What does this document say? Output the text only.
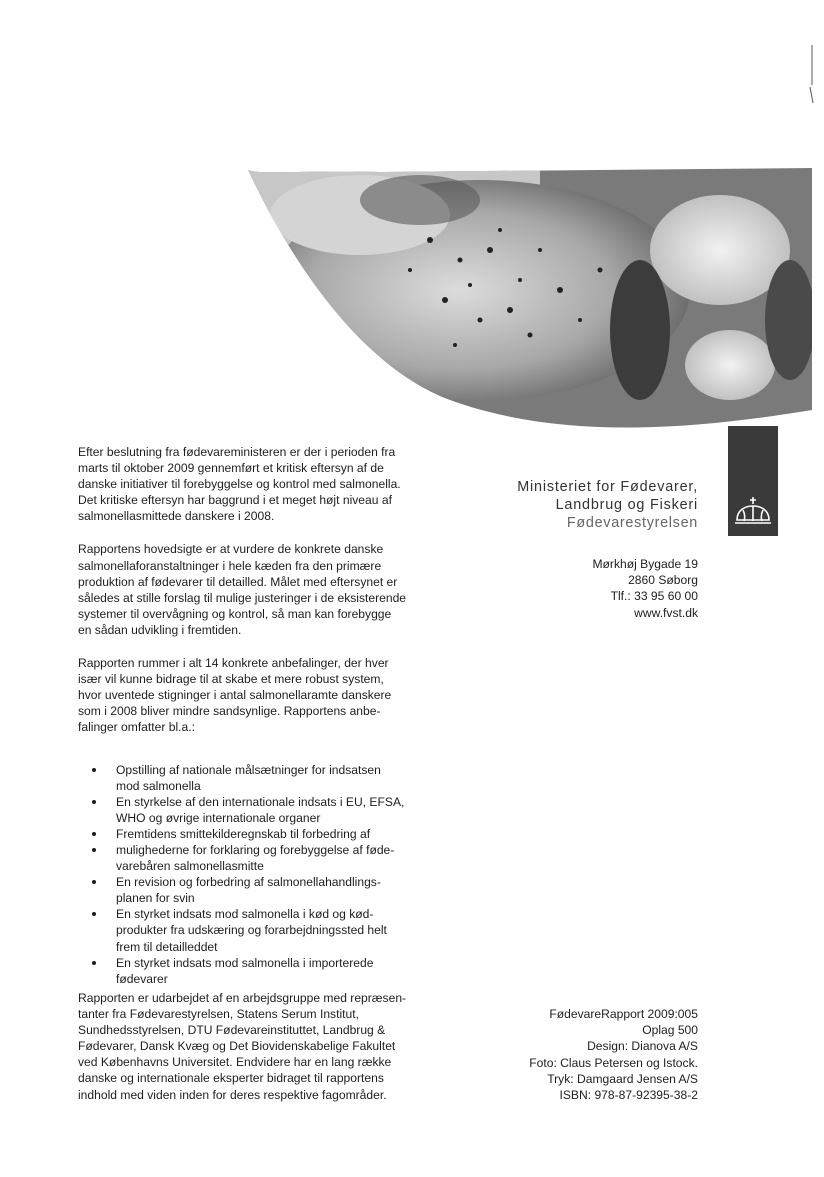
Efter beslutning fra fødevareministeren er der i perioden fra
marts til oktober 2009 gennemført et kritisk eftersyn af de
danske initiativer til forebyggelse og kontrol med salmonella.
Det kritiske eftersyn har baggrund i et meget højt niveau af
salmonellasmittede danskere i 2008.

Rapportens hovedsigte er at vurdere de konkrete danske
salmonellaforanstaltninger i hele kæden fra den primære
produktion af fødevarer til detailled. Målet med eftersynet er
således at stille forslag til mulige justeringer i de eksisterende
systemer til overvågning og kontrol, så man kan forebygge
en sådan udvikling i fremtiden.

Rapporten rummer i alt 14 konkrete anbefalinger, der hver
især vil kunne bidrage til at skabe et mere robust system,
hvor uventede stigninger i antal salmonellaramte danskere
som i 2008 bliver mindre sandsynlige. Rapportens anbe-
falinger omfatter bl.a.:

Opstilling af nationale målsætninger for indsatsen
mod salmonella
En styrkelse af den internationale indsats i EU, EFSA,
WHO og øvrige internationale organer
Fremtidens smittekilderegnskab til forbedring af
mulighederne for forklaring og forebyggelse af føde-
varebåren salmonellasmitte
En revision og forbedring af salmonellahandlings-
planen for svin
En styrket indsats mod salmonella i kød og kød-
produkter fra udskæring og forarbejdningssted helt
frem til detailleddet
En styrket indsats mod salmonella i importerede
fødevarer

Rapporten er udarbejdet af en arbejdsgruppe med repræsen-
tanter fra Fødevarestyrelsen, Statens Serum Institut,
Sundhedsstyrelsen, DTU Fødevareinstituttet, Landbrug &
Fødevarer, Dansk Kvæg og Det Biovidenskabelige Fakultet
ved Københavns Universitet. Endvidere har en lang række
danske og internationale eksperter bidraget til rapportens
indhold med viden inden for deres respektive fagområder.

Ministeriet for Fødevarer,
Landbrug og Fiskeri
Fødevarestyrelsen
Mørkhøj Bygade 19
2860 Søborg
Tlf.: 33 95 60 00
www.fvst.dk
FødevareRapport 2009:005
Oplag 500
Design: Dianova A/S
Foto: Claus Petersen og Istock.
Tryk: Damgaard Jensen A/S
ISBN: 978-87-92395-38-2
